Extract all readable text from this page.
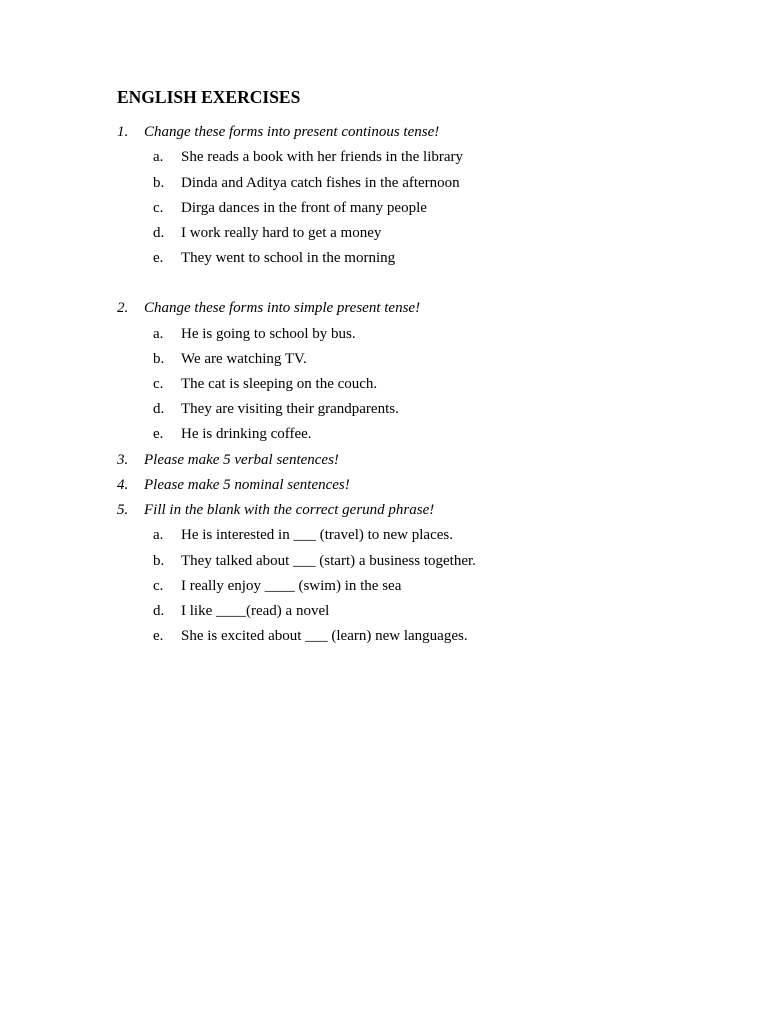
ENGLISH EXERCISES
1. Change these forms into present continous tense!
a. She reads a book with her friends in the library
b. Dinda and Aditya catch fishes in the afternoon
c. Dirga dances in the front of many people
d. I work really hard to get a money
e. They went to school in the morning
2. Change these forms into simple present tense!
a. He is going to school by bus.
b. We are watching TV.
c. The cat is sleeping on the couch.
d. They are visiting their grandparents.
e. He is drinking coffee.
3. Please make 5 verbal sentences!
4. Please make 5 nominal sentences!
5. Fill in the blank with the correct gerund phrase!
a. He is interested in ___ (travel) to new places.
b. They talked about ___ (start) a business together.
c. I really enjoy ____ (swim) in the sea
d. I like ____(read) a novel
e. She is excited about ___ (learn) new languages.
